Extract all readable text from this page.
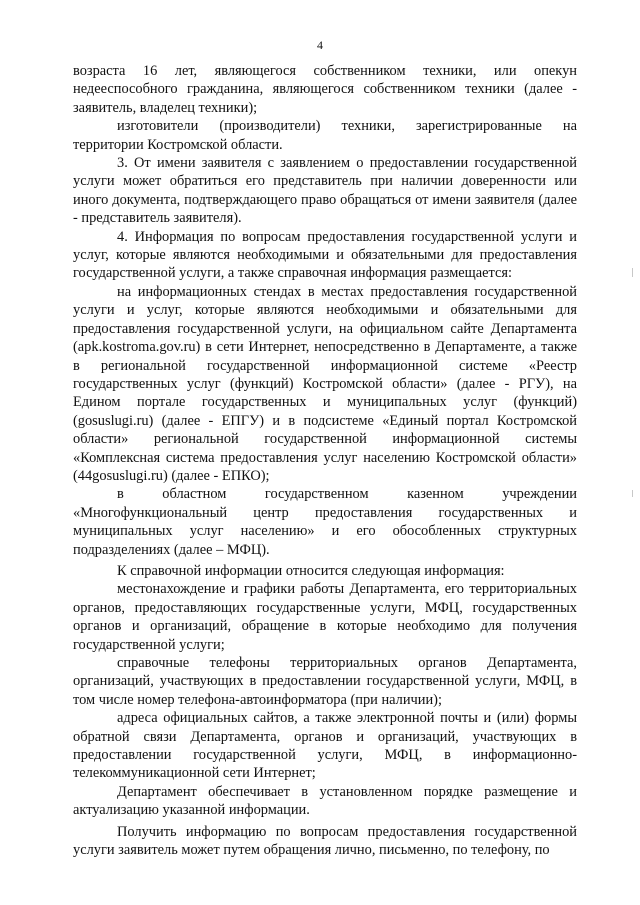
4

возраста 16 лет, являющегося собственником техники, или опекун недееспособного гражданина, являющегося собственником техники (далее - заявитель, владелец техники);

изготовители (производители) техники, зарегистрированные на территории Костромской области.

3. От имени заявителя с заявлением о предоставлении государственной услуги может обратиться его представитель при наличии доверенности или иного документа, подтверждающего право обращаться от имени заявителя (далее - представитель заявителя).

4. Информация по вопросам предоставления государственной услуги и услуг, которые являются необходимыми и обязательными для предоставления государственной услуги, а также справочная информация размещается:

на информационных стендах в местах предоставления государственной услуги и услуг, которые являются необходимыми и обязательными для предоставления государственной услуги, на официальном сайте Департамента (apk.kostroma.gov.ru) в сети Интернет, непосредственно в Департаменте, а также в региональной государственной информационной системе «Реестр государственных услуг (функций) Костромской области» (далее - РГУ), на Едином портале государственных и муниципальных услуг (функций) (gosuslugi.ru) (далее - ЕПГУ) и в подсистеме «Единый портал Костромской области» региональной государственной информационной системы «Комплексная система предоставления услуг населению Костромской области» (44gosuslugi.ru) (далее - ЕПКО);

в областном государственном казенном учреждении «Многофункциональный центр предоставления государственных и муниципальных услуг населению» и его обособленных структурных подразделениях (далее – МФЦ).

К справочной информации относится следующая информация:

местонахождение и графики работы Департамента, его территориальных органов, предоставляющих государственные услуги, МФЦ, государственных органов и организаций, обращение в которые необходимо для получения государственной услуги;

справочные телефоны территориальных органов Департамента, организаций, участвующих в предоставлении государственной услуги, МФЦ, в том числе номер телефона-автоинформатора (при наличии);

адреса официальных сайтов, а также электронной почты и (или) формы обратной связи Департамента, органов и организаций, участвующих в предоставлении государственной услуги, МФЦ, в информационно-телекоммуникационной сети Интернет;

Департамент обеспечивает в установленном порядке размещение и актуализацию указанной информации.

Получить информацию по вопросам предоставления государственной услуги заявитель может путем обращения лично, письменно, по телефону, по
